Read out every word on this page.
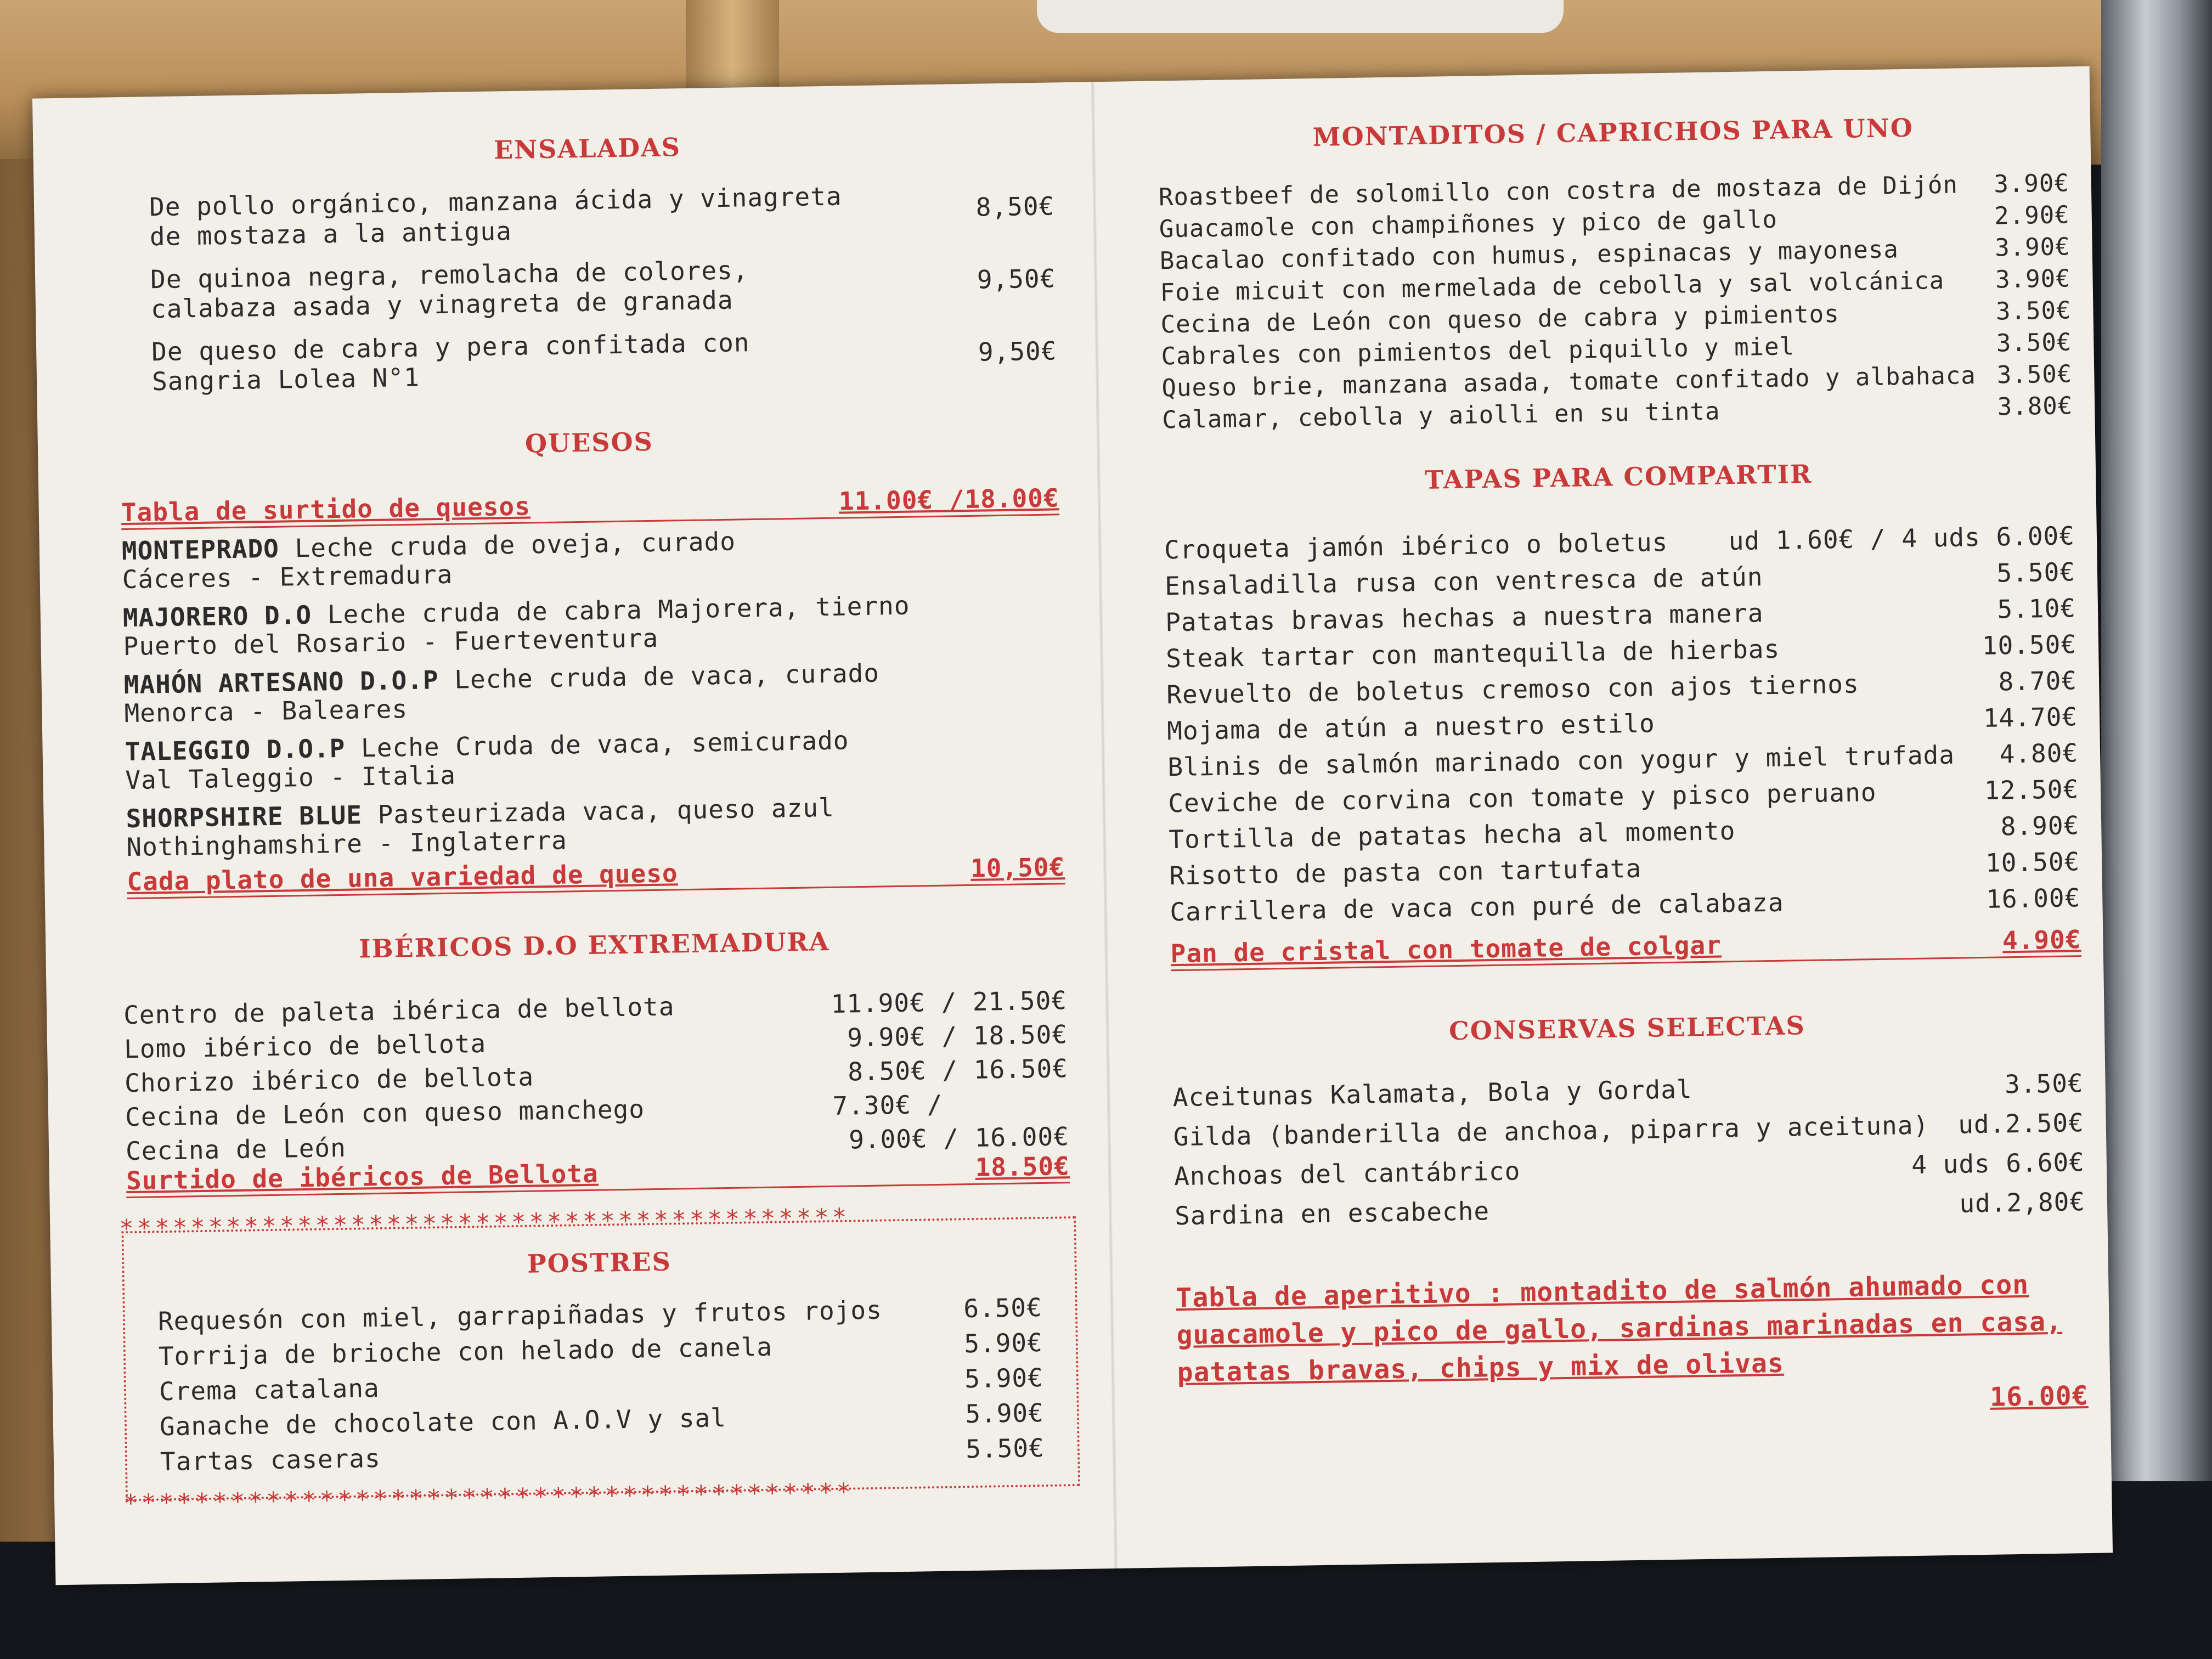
ENSALADAS
De pollo orgánico, manzana ácida y vinagreta
de mostaza a la antigua
8,50€
De quinoa negra, remolacha de colores,
calabaza asada y vinagreta de granada
9,50€
De queso de cabra y pera confitada con
Sangria Lolea N°1
9,50€
QUESOS
Tabla de surtido de quesos	11.00€ /18.00€
MONTEPRADO Leche cruda de oveja, curado
Cáceres - Extremadura
MAJORERO D.O Leche cruda de cabra Majorera, tierno
Puerto del Rosario - Fuerteventura
MAHÓN ARTESANO D.O.P Leche cruda de vaca, curado
Menorca - Baleares
TALEGGIO D.O.P Leche Cruda de vaca, semicurado
Val Taleggio - Italia
SHORPSHIRE BLUE Pasteurizada vaca, queso azul
Nothinghamshire - Inglaterra
Cada plato de una variedad de queso	10,50€
IBÉRICOS D.O EXTREMADURA
Centro de paleta ibérica de bellota	11.90€ / 21.50€
Lomo ibérico de bellota	9.90€ / 18.50€
Chorizo ibérico de bellota	8.50€ / 16.50€
Cecina de León con queso manchego	7.30€ /
Cecina de León	9.00€ / 16.00€
Surtido de ibéricos de Bellota	18.50€
*****************************************
POSTRES
Requesón con miel, garrapiñadas y frutos rojos	6.50€
Torrija de brioche con helado de canela	5.90€
Crema catalana	5.90€
Ganache de chocolate con A.O.V y sal	5.90€
Tartas caseras	5.50€
*****************************************
MONTADITOS / CAPRICHOS PARA UNO
Roastbeef de solomillo con costra de mostaza de Dijón	3.90€
Guacamole con champiñones y pico de gallo	2.90€
Bacalao confitado con humus, espinacas y mayonesa	3.90€
Foie micuit con mermelada de cebolla y sal volcánica	3.90€
Cecina de León con queso de cabra y pimientos	3.50€
Cabrales con pimientos del piquillo y miel	3.50€
Queso brie, manzana asada, tomate confitado y albahaca 3.50€
Calamar, cebolla y aiolli en su tinta	3.80€
TAPAS PARA COMPARTIR
Croqueta jamón ibérico o boletus	ud 1.60€ / 4 uds 6.00€
Ensaladilla rusa con ventresca de atún	5.50€
Patatas bravas hechas a nuestra manera	5.10€
Steak tartar con mantequilla de hierbas	10.50€
Revuelto de boletus cremoso con ajos tiernos	8.70€
Mojama de atún a nuestro estilo	14.70€
Blinis de salmón marinado con yogur y miel trufada	4.80€
Ceviche de corvina con tomate y pisco peruano	12.50€
Tortilla de patatas hecha al momento	8.90€
Risotto de pasta con tartufata	10.50€
Carrillera de vaca con puré de calabaza	16.00€
Pan de cristal con tomate de colgar	4.90€
CONSERVAS SELECTAS
Aceitunas Kalamata, Bola y Gordal	3.50€
Gilda (banderilla de anchoa, piparra y aceituna)	ud.2.50€
Anchoas del cantábrico	4 uds 6.60€
Sardina en escabeche	ud.2,80€
Tabla de aperitivo : montadito de salmón ahumado con guacamole y pico de gallo, sardinas marinadas en casa, patatas bravas, chips y mix de olivas
16.00€
